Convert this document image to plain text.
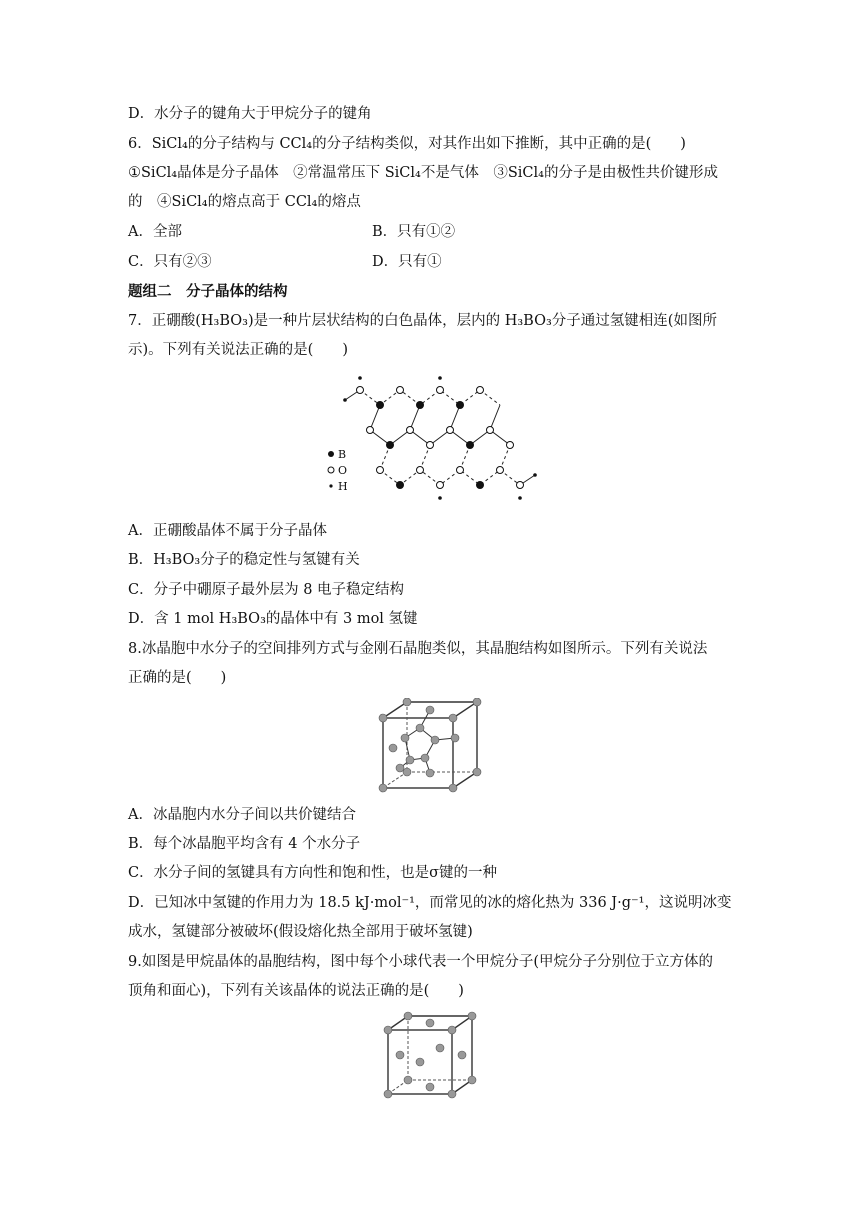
D．水分子的键角大于甲烷分子的键角
6．SiCl₄的分子结构与 CCl₄的分子结构类似，对其作出如下推断，其中正确的是(　　)
①SiCl₄晶体是分子晶体　②常温常压下 SiCl₄不是气体　③SiCl₄的分子是由极性共价键形成
的　④SiCl₄的熔点高于 CCl₄的熔点
A．全部	B．只有①②
C．只有②③	D．只有①
题组二　分子晶体的结构
7．正硼酸(H₃BO₃)是一种片层状结构的白色晶体，层内的 H₃BO₃分子通过氢键相连(如图所
示)。下列有关说法正确的是(　　)
B
O
H
A．正硼酸晶体不属于分子晶体
B．H₃BO₃分子的稳定性与氢键有关
C．分子中硼原子最外层为 8 电子稳定结构
D．含 1 mol H₃BO₃的晶体中有 3 mol 氢键
8.冰晶胞中水分子的空间排列方式与金刚石晶胞类似，其晶胞结构如图所示。下列有关说法
正确的是(　　)
A．冰晶胞内水分子间以共价键结合
B．每个冰晶胞平均含有 4 个水分子
C．水分子间的氢键具有方向性和饱和性，也是σ键的一种
D．已知冰中氢键的作用力为 18.5 kJ·mol⁻¹，而常见的冰的熔化热为 336 J·g⁻¹，这说明冰变
成水，氢键部分被破坏(假设熔化热全部用于破坏氢键)
9.如图是甲烷晶体的晶胞结构，图中每个小球代表一个甲烷分子(甲烷分子分别位于立方体的
顶角和面心)，下列有关该晶体的说法正确的是(　　)
